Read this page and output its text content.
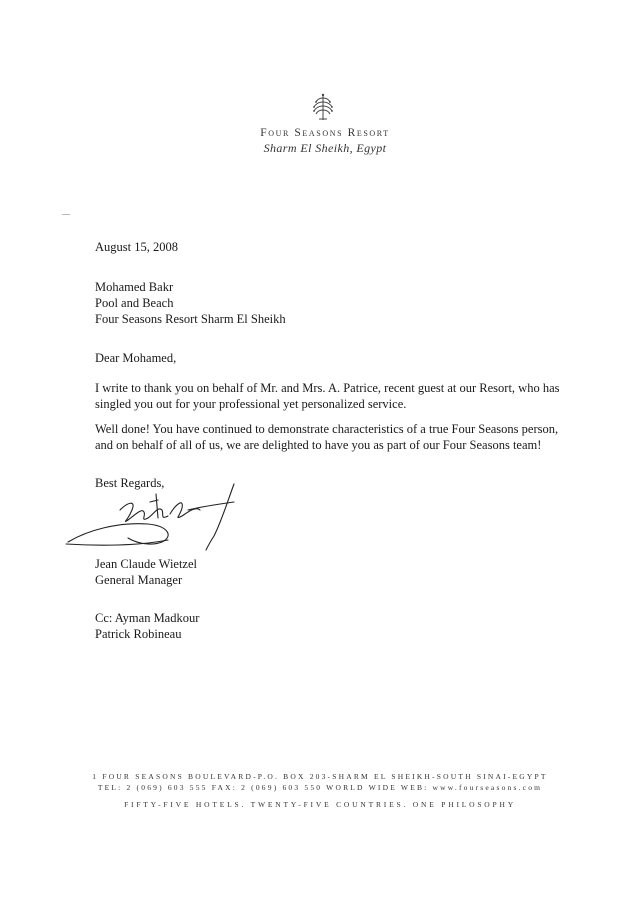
Four Seasons Resort
Sharm El Sheikh, Egypt
August 15, 2008
Mohamed Bakr
Pool and Beach
Four Seasons Resort Sharm El Sheikh
Dear Mohamed,

I write to thank you on behalf of Mr. and Mrs. A. Patrice, recent guest at our Resort, who has singled you out for your professional yet personalized service.

Well done! You have continued to demonstrate characteristics of a true Four Seasons person, and on behalf of all of us, we are delighted to have you as part of our Four Seasons team!

Best Regards,
Jean Claude Wietzel
General Manager
Cc: Ayman Madkour
Patrick Robineau
1 FOUR SEASONS BOULEVARD-P.O. BOX 203-SHARM EL SHEIKH-SOUTH SINAI-EGYPT
TEL: 2 (069) 603 555 FAX: 2 (069) 603 550 WORLD WIDE WEB: www.fourseasons.com
FIFTY-FIVE HOTELS. TWENTY-FIVE COUNTRIES. ONE PHILOSOPHY
